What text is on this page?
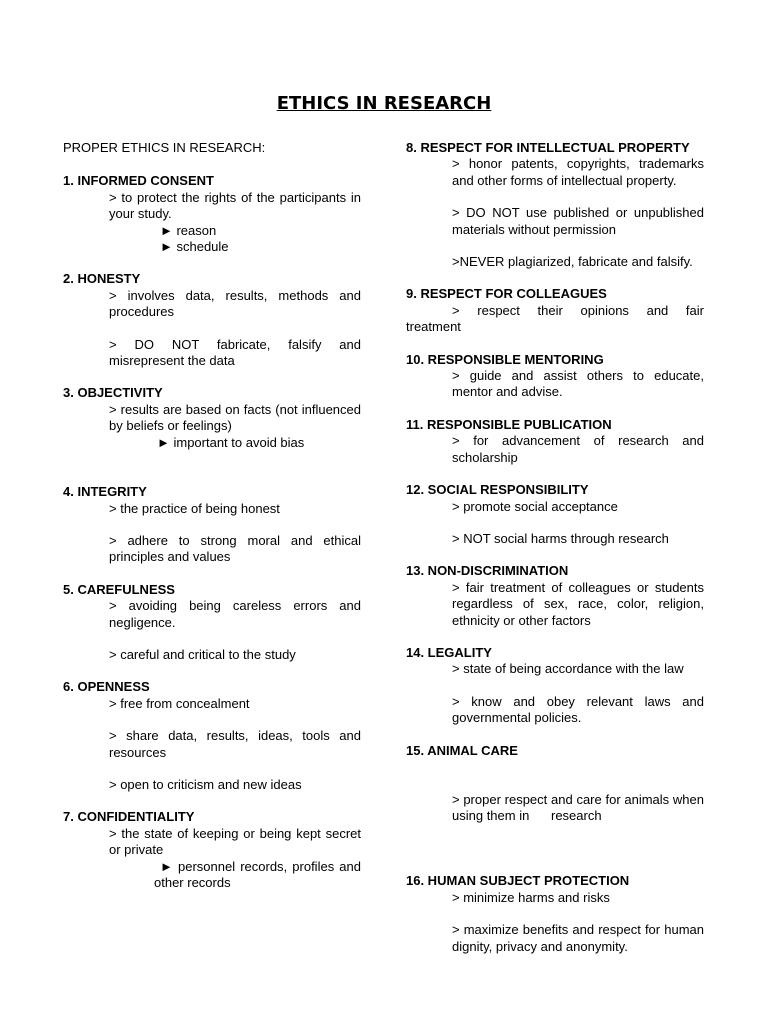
ETHICS IN RESEARCH
PROPER ETHICS IN RESEARCH:
1. INFORMED CONSENT

> to protect the rights of the participants in your study.

► reason
► schedule
2. HONESTY

> involves data, results, methods and procedures

> DO NOT fabricate, falsify and misrepresent the data

3. OBJECTIVITY

> results are based on facts (not influenced by beliefs or feelings)

► important to avoid bias
4. INTEGRITY

> the practice of being honest

> adhere to strong moral and ethical principles and values

5. CAREFULNESS

> avoiding being careless errors and negligence.

> careful and critical to the study

6. OPENNESS

> free from concealment

> share data, results, ideas, tools and resources

> open to criticism and new ideas

7. CONFIDENTIALITY

> the state of keeping or being kept secret or private

► personnel records, profiles and other records
8. RESPECT FOR INTELLECTUAL PROPERTY

> honor patents, copyrights, trademarks and other forms of intellectual property.

> DO NOT use published or unpublished materials without permission

>NEVER plagiarized, fabricate and falsify.

9. RESPECT FOR COLLEAGUES

> respect their opinions and fair

treatment
10. RESPONSIBLE MENTORING

> guide and assist others to educate, mentor and advise.

11. RESPONSIBLE PUBLICATION

> for advancement of research and scholarship

12. SOCIAL RESPONSIBILITY

> promote social acceptance

> NOT social harms through research

13. NON-DISCRIMINATION

> fair treatment of colleagues or students regardless of sex, race, color, religion, ethnicity or other factors

14. LEGALITY

> state of being accordance with the law

> know and obey relevant laws and governmental policies.

15. ANIMAL CARE

> proper respect and care for animals when using them in      research

16. HUMAN SUBJECT PROTECTION

> minimize harms and risks

> maximize benefits and respect for human dignity, privacy and anonymity.
